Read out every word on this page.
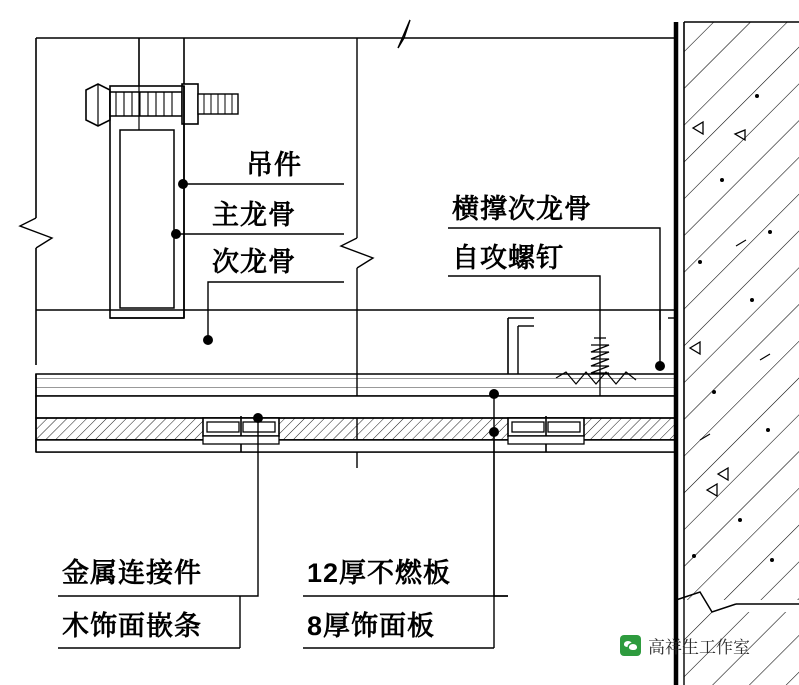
吊件
主龙骨
次龙骨
横撑次龙骨
自攻螺钉
金属连接件
木饰面嵌条
12厚不燃板
8厚饰面板
高祥生工作室
